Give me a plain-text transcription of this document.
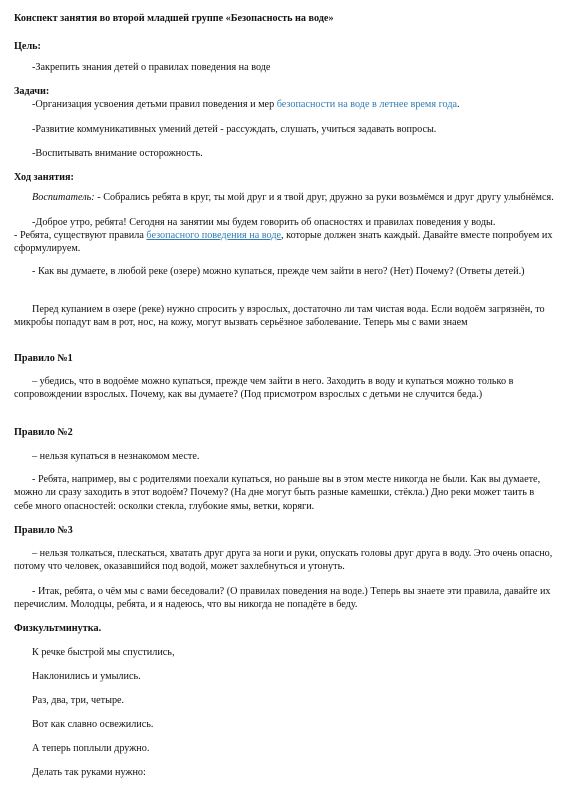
Конспект занятия во второй младшей группе «Безопасность на воде»

Цель:

-Закрепить знания детей о правилах поведения на воде

Задачи:

-Организация усвоения детьми правил поведения и мер безопасности на воде в летнее время года.

-Развитие коммуникативных умений детей - рассуждать, слушать, учиться задавать вопросы.

-Воспитывать внимание осторожность.

Ход занятия:

Воспитатель: - Собрались ребята в круг, ты мой друг и я твой друг, дружно за руки возьмёмся и друг другу улыбнёмся.

-Доброе утро, ребята! Сегодня на занятии мы будем говорить об опасностях и правилах поведения у воды.

- Ребята, существуют правила безопасного поведения на воде, которые должен знать каждый. Давайте вместе попробуем их сформулируем.

- Как вы думаете, в любой реке (озере) можно купаться, прежде чем зайти в него? (Нет) Почему? (Ответы детей.)

Перед купанием в озере (реке) нужно спросить у взрослых, достаточно ли там чистая вода. Если водоём загрязнён, то микробы попадут вам в рот, нос, на кожу, могут вызвать серьёзное заболевание. Теперь мы с вами знаем

Правило №1

– убедись, что в водоёме можно купаться, прежде чем зайти в него. Заходить в воду и купаться можно только в сопровождении взрослых. Почему, как вы думаете? (Под присмотром взрослых с детьми не случится беда.)

Правило №2

– нельзя купаться в незнакомом месте.

- Ребята, например, вы с родителями поехали купаться, но раньше вы в этом месте никогда не были. Как вы думаете, можно ли сразу заходить в этот водоём? Почему? (На дне могут быть разные камешки, стёкла.) Дно реки может таить в себе много опасностей: осколки стекла, глубокие ямы, ветки, коряги.

Правило №3

– нельзя толкаться, плескаться, хватать друг друга за ноги и руки, опускать головы друг друга в воду. Это очень опасно, потому что человек, оказавшийся под водой, может захлебнуться и утонуть.

- Итак, ребята, о чём мы с вами беседовали? (О правилах поведения на воде.) Теперь вы знаете эти правила, давайте их перечислим. Молодцы, ребята, и я надеюсь, что вы никогда не попадёте в беду.

Физкультминутка.

К речке быстрой мы спустились,

Наклонились и умылись.

Раз, два, три, четыре.

Вот как славно освежились.

А теперь поплыли дружно.

Делать так руками нужно:
